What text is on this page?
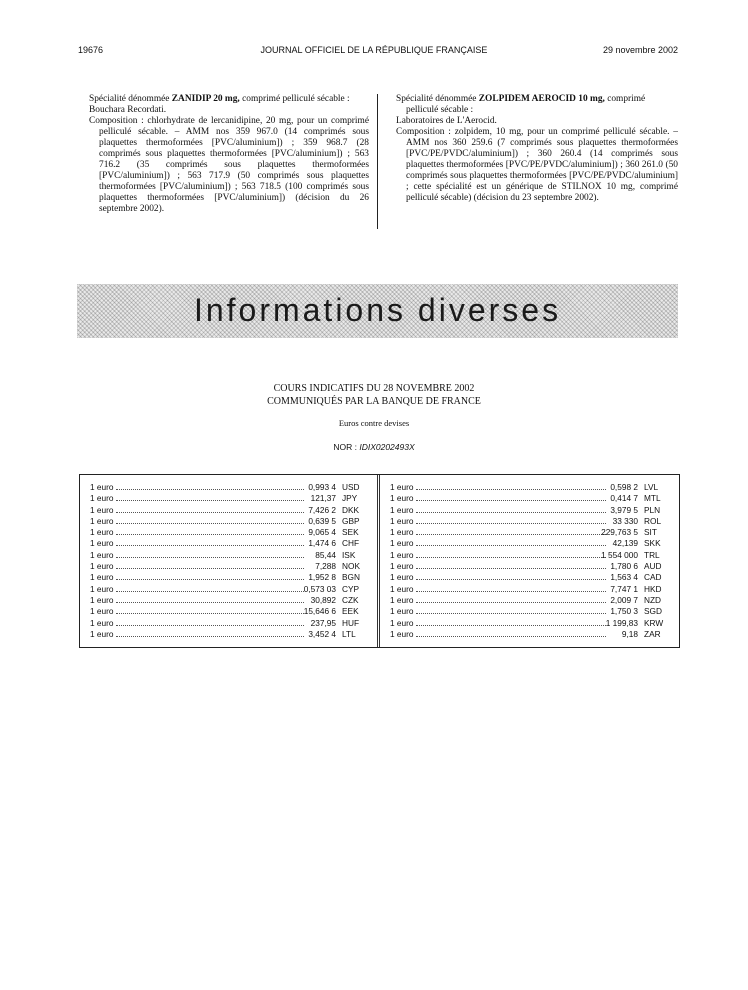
19676	JOURNAL OFFICIEL DE LA RÉPUBLIQUE FRANÇAISE	29 novembre 2002

Spécialité dénommée ZANIDIP 20 mg, comprimé pelliculé sécable :

Bouchara Recordati.

Composition : chlorhydrate de lercanidipine, 20 mg, pour un comprimé pelliculé sécable. – AMM nos 359 967.0 (14 comprimés sous plaquettes thermoformées [PVC/aluminium]) ; 359 968.7 (28 comprimés sous plaquettes thermoformées [PVC/aluminium]) ; 563 716.2 (35 comprimés sous plaquettes thermoformées [PVC/aluminium]) ; 563 717.9 (50 comprimés sous plaquettes thermoformées [PVC/aluminium]) ; 563 718.5 (100 comprimés sous plaquettes thermoformées [PVC/aluminium]) (décision du 26 septembre 2002).

Spécialité dénommée ZOLPIDEM AEROCID 10 mg, comprimé pelliculé sécable :

Laboratoires de L'Aerocid.

Composition : zolpidem, 10 mg, pour un comprimé pelliculé sécable. – AMM nos 360 259.6 (7 comprimés sous plaquettes thermoformées [PVC/PE/PVDC/aluminium]) ; 360 260.4 (14 comprimés sous plaquettes thermoformées [PVC/PE/PVDC/aluminium]) ; 360 261.0 (50 comprimés sous plaquettes thermoformées [PVC/PE/PVDC/aluminium] ; cette spécialité est un générique de STILNOX 10 mg, comprimé pelliculé sécable) (décision du 23 septembre 2002).

Informations diverses
COURS INDICATIFS DU 28 NOVEMBRE 2002
COMMUNIQUÉS PAR LA BANQUE DE FRANCE
Euros contre devises
NOR : IDIX0202493X
1 euro	0,993 4 USD
1 euro	121,37 JPY
1 euro	7,426 2 DKK
1 euro	0,639 5 GBP
1 euro	9,065 4 SEK
1 euro	1,474 6 CHF
1 euro	85,44 ISK
1 euro	7,288 NOK
1 euro	1,952 8 BGN
1 euro	0,573 03 CYP
1 euro	30,892 CZK
1 euro	15,646 6 EEK
1 euro	237,95 HUF
1 euro	3,452 4 LTL
1 euro	0,598 2 LVL
1 euro	0,414 7 MTL
1 euro	3,979 5 PLN
1 euro	33 330 ROL
1 euro	229,763 5 SIT
1 euro	42,139 SKK
1 euro	1 554 000 TRL
1 euro	1,780 6 AUD
1 euro	1,563 4 CAD
1 euro	7,747 1 HKD
1 euro	2,009 7 NZD
1 euro	1,750 3 SGD
1 euro	1 199,83 KRW
1 euro	9,18 ZAR
